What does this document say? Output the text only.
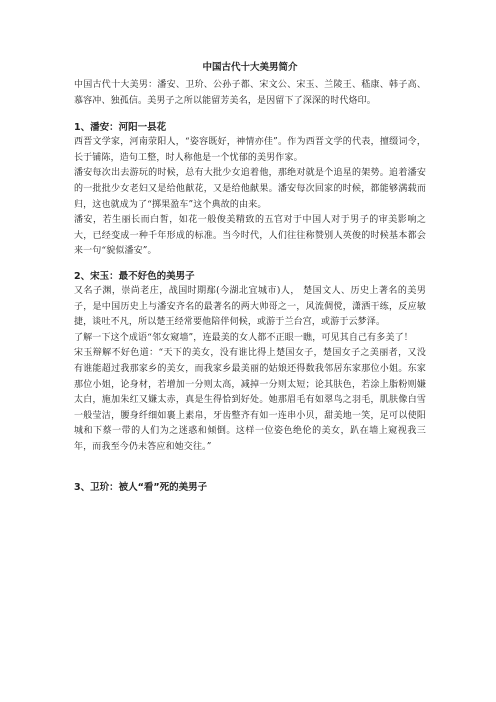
中国古代十大美男简介

中国古代十大美男：潘安、卫玠、公孙子都、宋文公、宋玉、兰陵王、嵇康、韩子高、慕容冲、独孤信。美男子之所以能留芳美名，是因留下了深深的时代烙印。

1、潘安：河阳一县花

西晋文学家，河南荥阳人，“姿容既好，神情亦佳”。作为西晋文学的代表，擅缀词令，长于铺陈，造句工整，时人称他是一个忧郁的美男作家。

潘安每次出去游玩的时候，总有大批少女追着他，那绝对就是个追星的架势。追着潘安的一批批少女老妇又是给他献花，又是给他献果。潘安每次回家的时候，都能够满载而归，这也就成为了“掷果盈车”这个典故的由来。

潘安，若生丽长而白皙，如花一般俊美精致的五官对于中国人对于男子的审美影响之大，已经变成一种千年形成的标准。当今时代，人们往往称赞别人英俊的时候基本都会来一句“貌似潘安”。

2、宋玉：最不好色的美男子

又名子渊，崇尚老庄，战国时期鄢(今湖北宜城市)人， 楚国文人、历史上著名的美男子，是中国历史上与潘安齐名的最著名的两大帅哥之一，风流倜傥，潇洒干练，反应敏捷，谈吐不凡，所以楚王经常要他陪伴伺候，或游于兰台宫，或游于云梦泽。

了解一下这个成语“邻女窥墙”，连最美的女人都不正眼一瞧，可见其自己有多美了！

宋玉辩解不好色道：“天下的美女，没有谁比得上楚国女子，楚国女子之美丽者，又没有谁能超过我那家乡的美女，而我家乡最美丽的姑娘还得数我邻居东家那位小姐。东家那位小姐，论身材，若增加一分则太高，减掉一分则太短；论其肤色，若涂上脂粉则嫌太白，施加朱红又嫌太赤，真是生得恰到好处。她那眉毛有如翠鸟之羽毛，肌肤像白雪一般莹洁，腰身纤细如裹上素帛，牙齿整齐有如一连串小贝，甜美地一笑，足可以使阳城和下蔡一带的人们为之迷惑和倾倒。这样一位姿色绝伦的美女，趴在墙上窥视我三年，而我至今仍未答应和她交往。”

3、卫玠：被人“看”死的美男子
